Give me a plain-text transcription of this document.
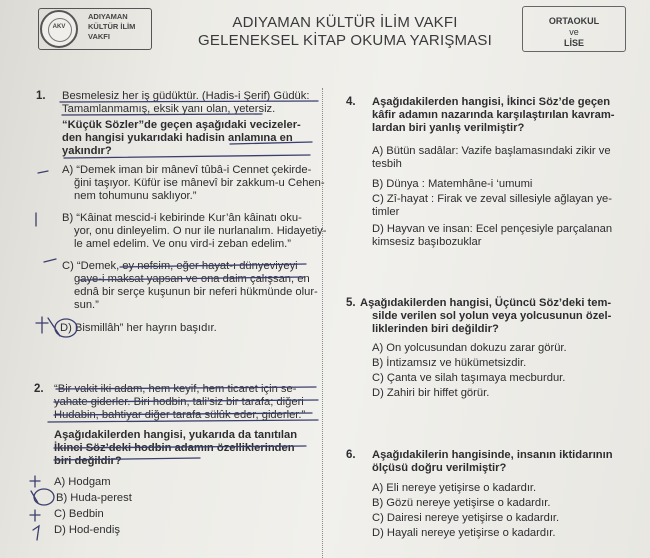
AKV
ADIYAMAN
KÜLTÜR İLİM
VAKFI
ADIYAMAN KÜLTÜR İLİM VAKFI
GELENEKSEL KİTAP OKUMA YARIŞMASI
ORTAOKUL
ve
LİSE
1. Besmelesiz her iş güdüktür. (Hadis-i Şerif) Güdük:
Tamamlanmamış, eksik yanı olan, yetersiz.
“Küçük Sözler”de geçen aşağıdaki vecizeler-
den hangisi yukarıdaki hadisin anlamına en
yakındır?
A) “Demek iman bir mânevî tûbâ-i Cennet çekirde-
ğini taşıyor. Küfür ise mânevî bir zakkum-u Cehen-
nem tohumunu saklıyor.”
B) “Kâinat mescid-i kebirinde Kur’ân kâinatı oku-
yor, onu dinleyelim. O nur ile nurlanalım. Hidayetiy-
le amel edelim. Ve onu vird-i zeban edelim.”
C) “Demek, ey nefsim, eğer hayat-ı dünyeviyeyi
gaye-i maksat yapsan ve ona daim çalışsan, en
ednâ bir serçe kuşunun bir neferi hükmünde olur-
sun.”
D) Bismillâh” her hayrın başıdır.
2. “Bir vakit iki adam, hem keyif, hem ticaret için se-
yahate giderler. Biri hodbin, tali’siz bir tarafa; diğeri
Hudabin, bahtiyar diğer tarafa sülûk eder, giderler.”
Aşağıdakilerden hangisi, yukarıda da tanıtılan
İkinci Söz’deki hodbin adamın özelliklerinden
biri değildir?
A) Hodgam
B) Huda-perest
C) Bedbin
D) Hod-endiş
4. Aşağıdakilerden hangisi, İkinci Söz’de geçen
kâfir adamın nazarında karşılaştırılan kavram-
lardan biri yanlış verilmiştir?
A) Bütün sadâlar: Vazife başlamasındaki zikir ve
tesbih
B) Dünya : Matemhâne-i ‘umumi
C) Zî-hayat : Firak ve zeval sillesiyle ağlayan ye-
timler
D) Hayvan ve insan: Ecel pençesiyle parçalanan
kimsesiz başıbozuklar
5. Aşağıdakilerden hangisi, Üçüncü Söz’deki tem-
silde verilen sol yolun veya yolcusunun özel-
liklerinden biri değildir?
A) On yolcusundan dokuzu zarar görür.
B) İntizamsız ve hükümetsizdir.
C) Çanta ve silah taşımaya mecburdur.
D) Zahiri bir hiffet görür.
6. Aşağıdakilerin hangisinde, insanın iktidarının
ölçüsü doğru verilmiştir?
A) Eli nereye yetişirse o kadardır.
B) Gözü nereye yetişirse o kadardır.
C) Dairesi nereye yetişirse o kadardır.
D) Hayali nereye yetişirse o kadardır.
